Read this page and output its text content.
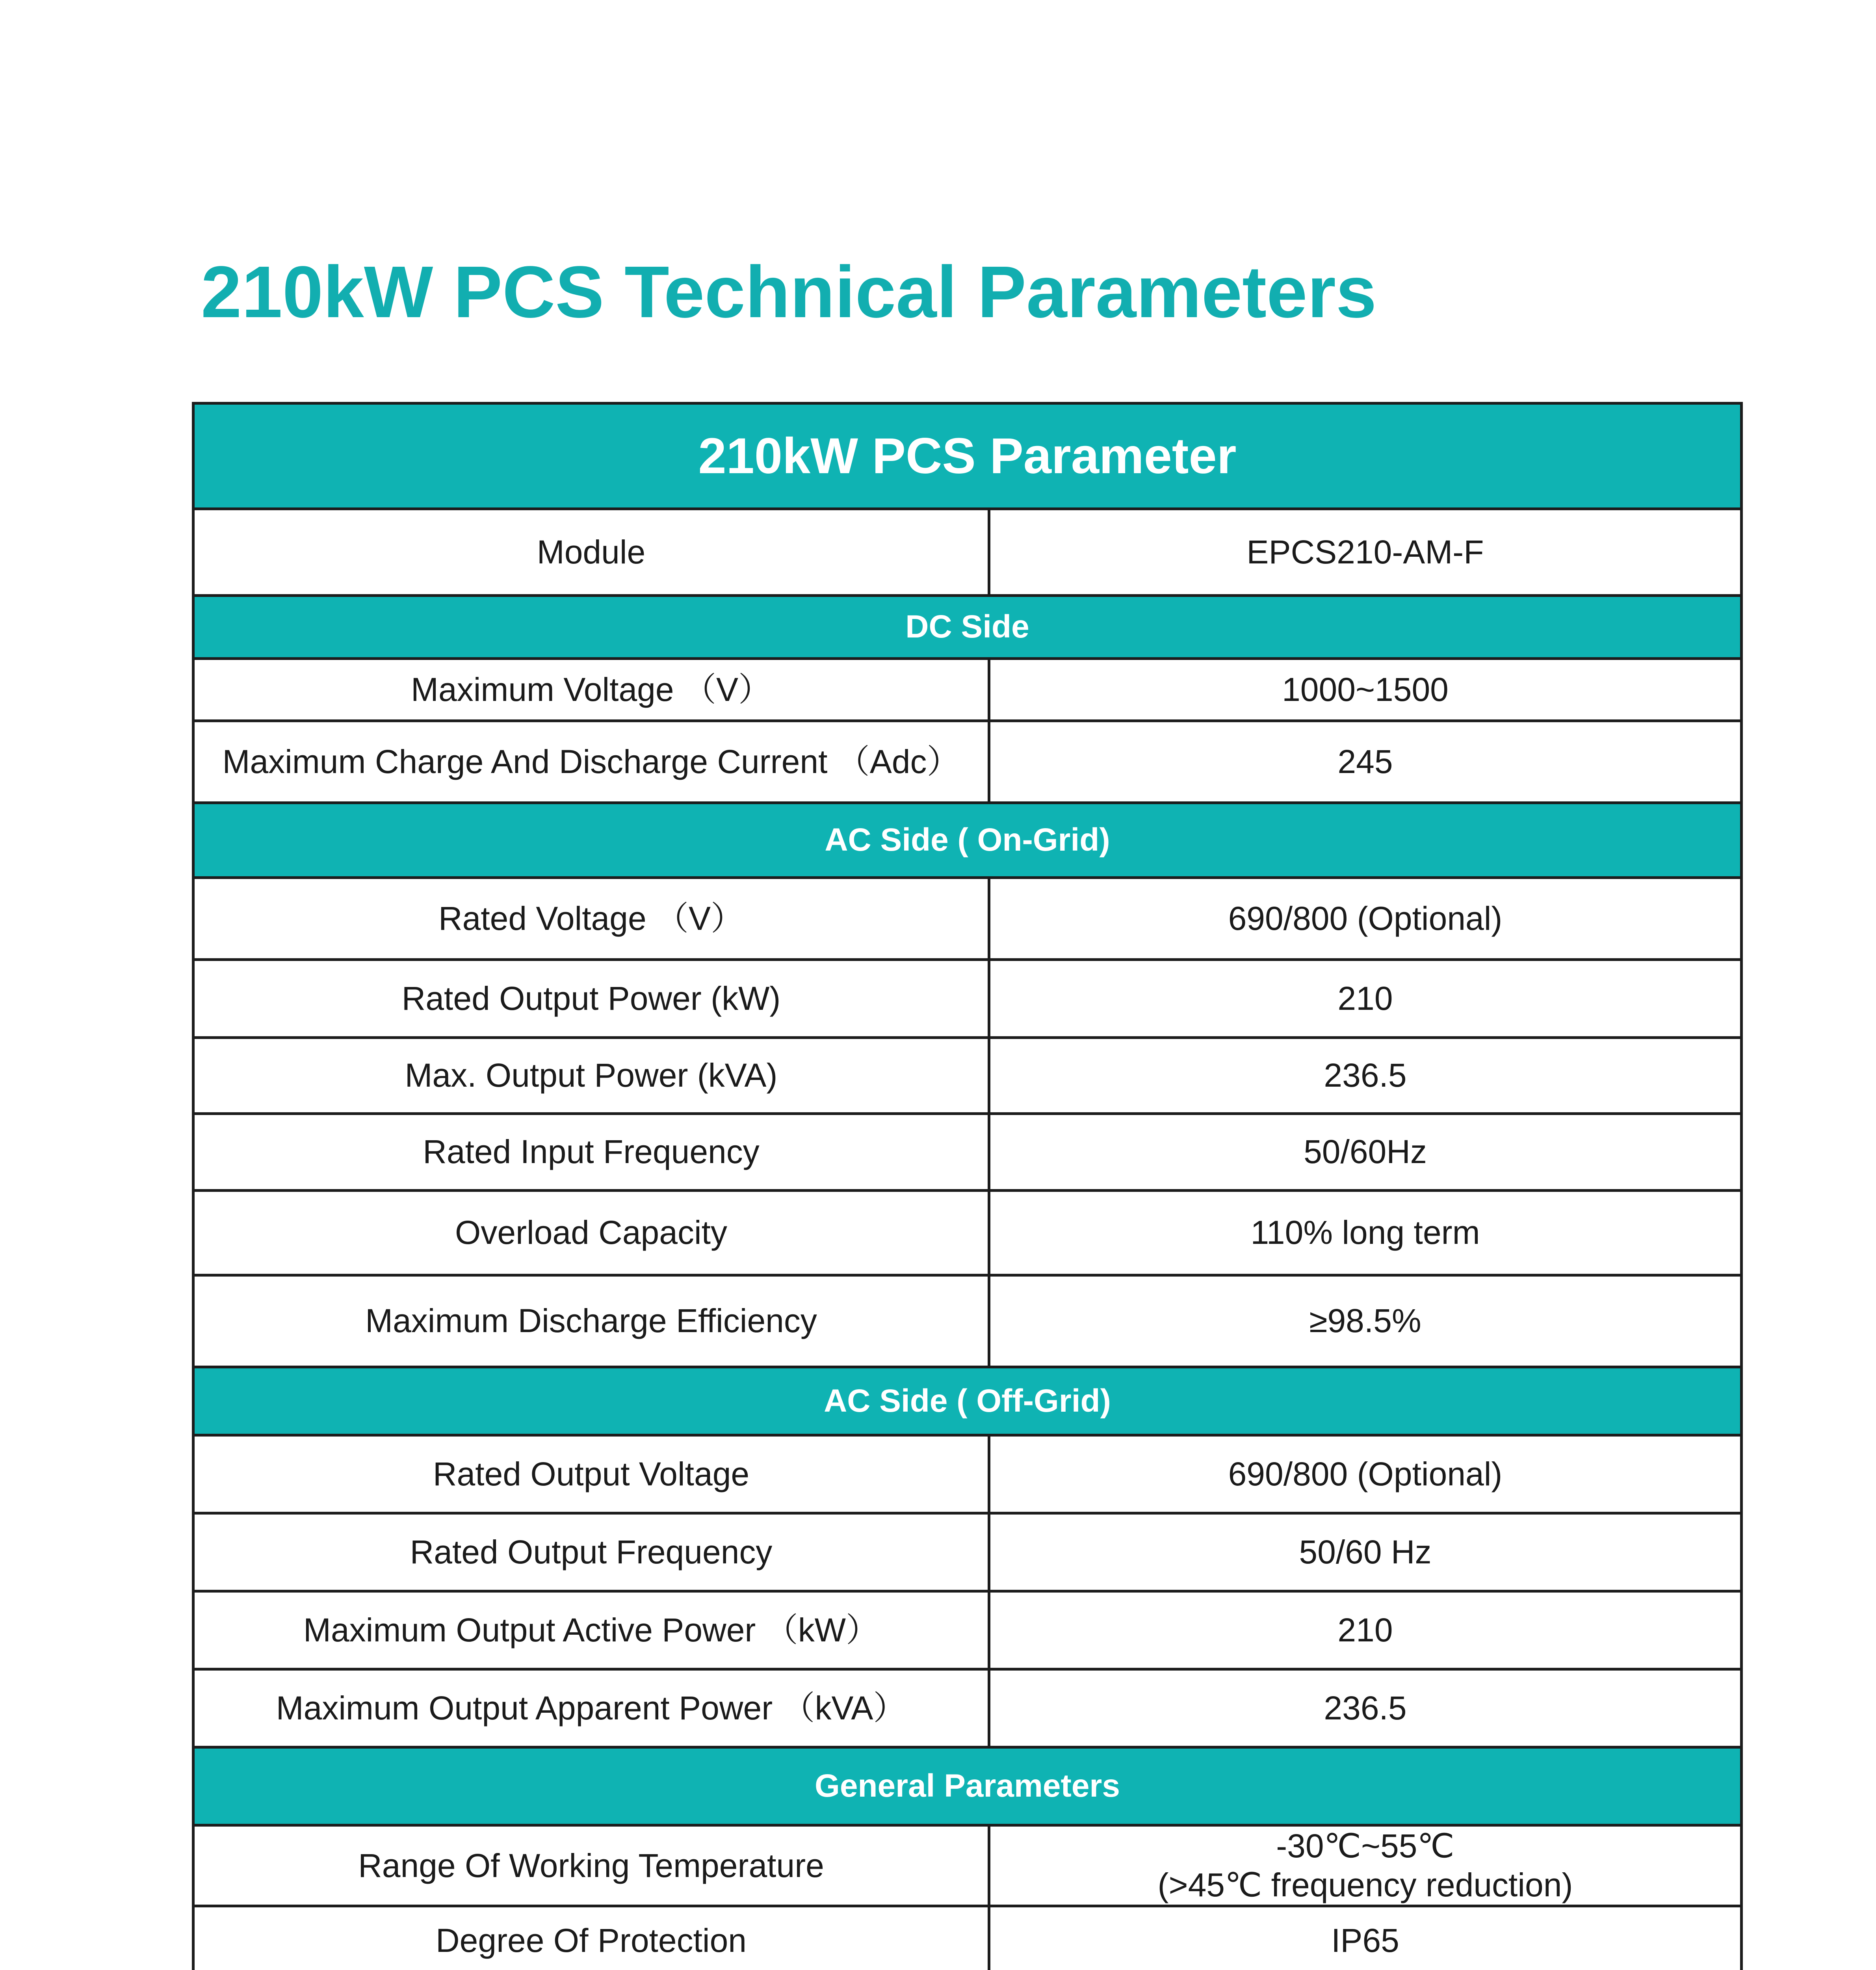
210kW PCS Technical Parameters
210kW PCS Parameter	
Module	EPCS210-AM-F
DC Side	
Maximum Voltage （V）	1000~1500
Maximum Charge And Discharge Current （Adc）	245
AC Side ( On-Grid)	
Rated Voltage （V）	690/800 (Optional)
Rated Output Power (kW)	210
Max. Output Power (kVA)	236.5
Rated Input Frequency	50/60Hz
Overload Capacity	110% long term
Maximum Discharge Efficiency	≥98.5%
AC Side ( Off-Grid)	
Rated Output Voltage	690/800 (Optional)
Rated Output Frequency	50/60 Hz
Maximum Output Active Power （kW）	210
Maximum Output Apparent Power （kVA）	236.5
General Parameters	
Range Of Working Temperature	-30℃~55℃
(>45℃ frequency reduction)

Degree Of Protection	IP65
